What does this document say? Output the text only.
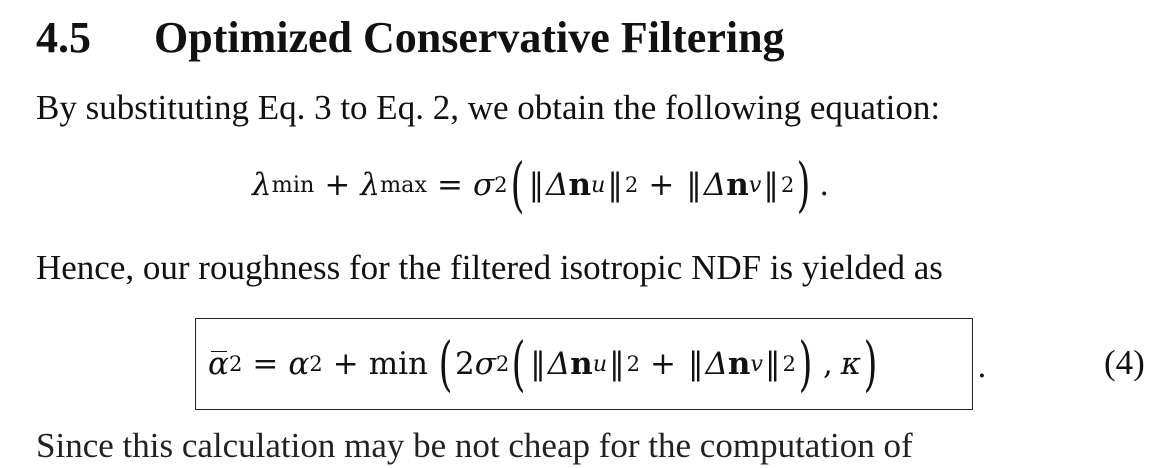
4.5 Optimized Conservative Filtering

By substituting Eq. 3 to Eq. 2, we obtain the following equation:

λ min + λ max = σ 2 ( ‖ Δ n u ‖ 2 + ‖ Δ n v ‖ 2 ) .

Hence, our roughness for the filtered isotropic NDF is yielded as

α 2 = α 2 + min ( 2 σ 2 ( ‖ Δ n u ‖ 2 + ‖ Δ n v ‖ 2 ) , κ )	.	(4)

Since this calculation may be not cheap for the computation of
